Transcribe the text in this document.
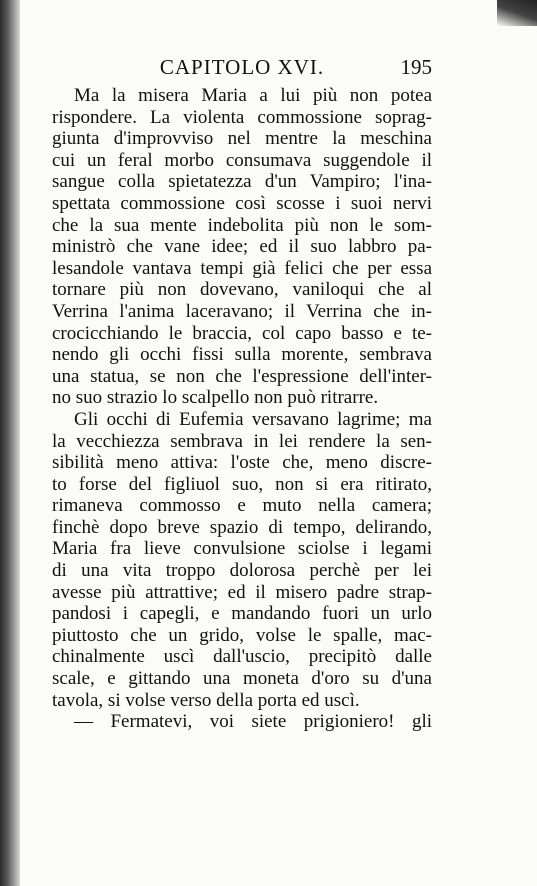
CAPITOLO XVI.	195
Ma la misera Maria a lui più non potea
rispondere. La violenta commossione soprag-
giunta d'improvviso nel mentre la meschina
cui un feral morbo consumava suggendole il
sangue colla spietatezza d'un Vampiro; l'ina-
spettata commossione così scosse i suoi nervi
che la sua mente indebolita più non le som-
ministrò che vane idee; ed il suo labbro pa-
lesandole vantava tempi già felici che per essa
tornare più non dovevano, vaniloqui che al
Verrina l'anima laceravano; il Verrina che in-
crocicchiando le braccia, col capo basso e te-
nendo gli occhi fissi sulla morente, sembrava
una statua, se non che l'espressione dell'inter-
no suo strazio lo scalpello non può ritrarre.
Gli occhi di Eufemia versavano lagrime; ma
la vecchiezza sembrava in lei rendere la sen-
sibilità meno attiva: l'oste che, meno discre-
to forse del figliuol suo, non si era ritirato,
rimaneva commosso e muto nella camera;
finchè dopo breve spazio di tempo, delirando,
Maria fra lieve convulsione sciolse i legami
di una vita troppo dolorosa perchè per lei
avesse più attrattive; ed il misero padre strap-
pandosi i capegli, e mandando fuori un urlo
piuttosto che un grido, volse le spalle, mac-
chinalmente uscì dall'uscio, precipitò dalle
scale, e gittando una moneta d'oro su d'una
tavola, si volse verso della porta ed uscì.
— Fermatevi, voi siete prigioniero! gli
